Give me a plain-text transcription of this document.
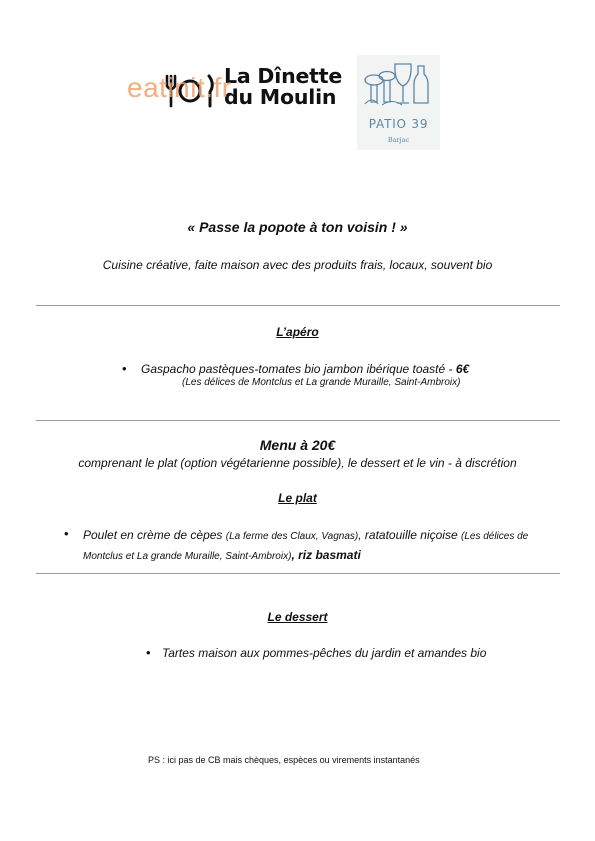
La Dînette
du Moulin
eatinit.fr
PATIO 39
Barjac
« Passe la popote à ton voisin ! »
Cuisine créative, faite maison avec des produits frais, locaux, souvent bio
L’apéro
• Gaspacho pastèques-tomates bio jambon ibérique toasté - 6€
(Les délices de Montclus et La grande Muraille, Saint-Ambroix)
Menu à 20€
comprenant le plat (option végétarienne possible), le dessert et le vin - à discrétion
Le plat
• Poulet en crème de cèpes (La ferme des Claux, Vagnas), ratatouille niçoise (Les délices de
Montclus et La grande Muraille, Saint-Ambroix), riz basmati
Le dessert
• Tartes maison aux pommes-pêches du jardin et amandes bio
PS : ici pas de CB mais chèques, espèces ou virements instantanés
